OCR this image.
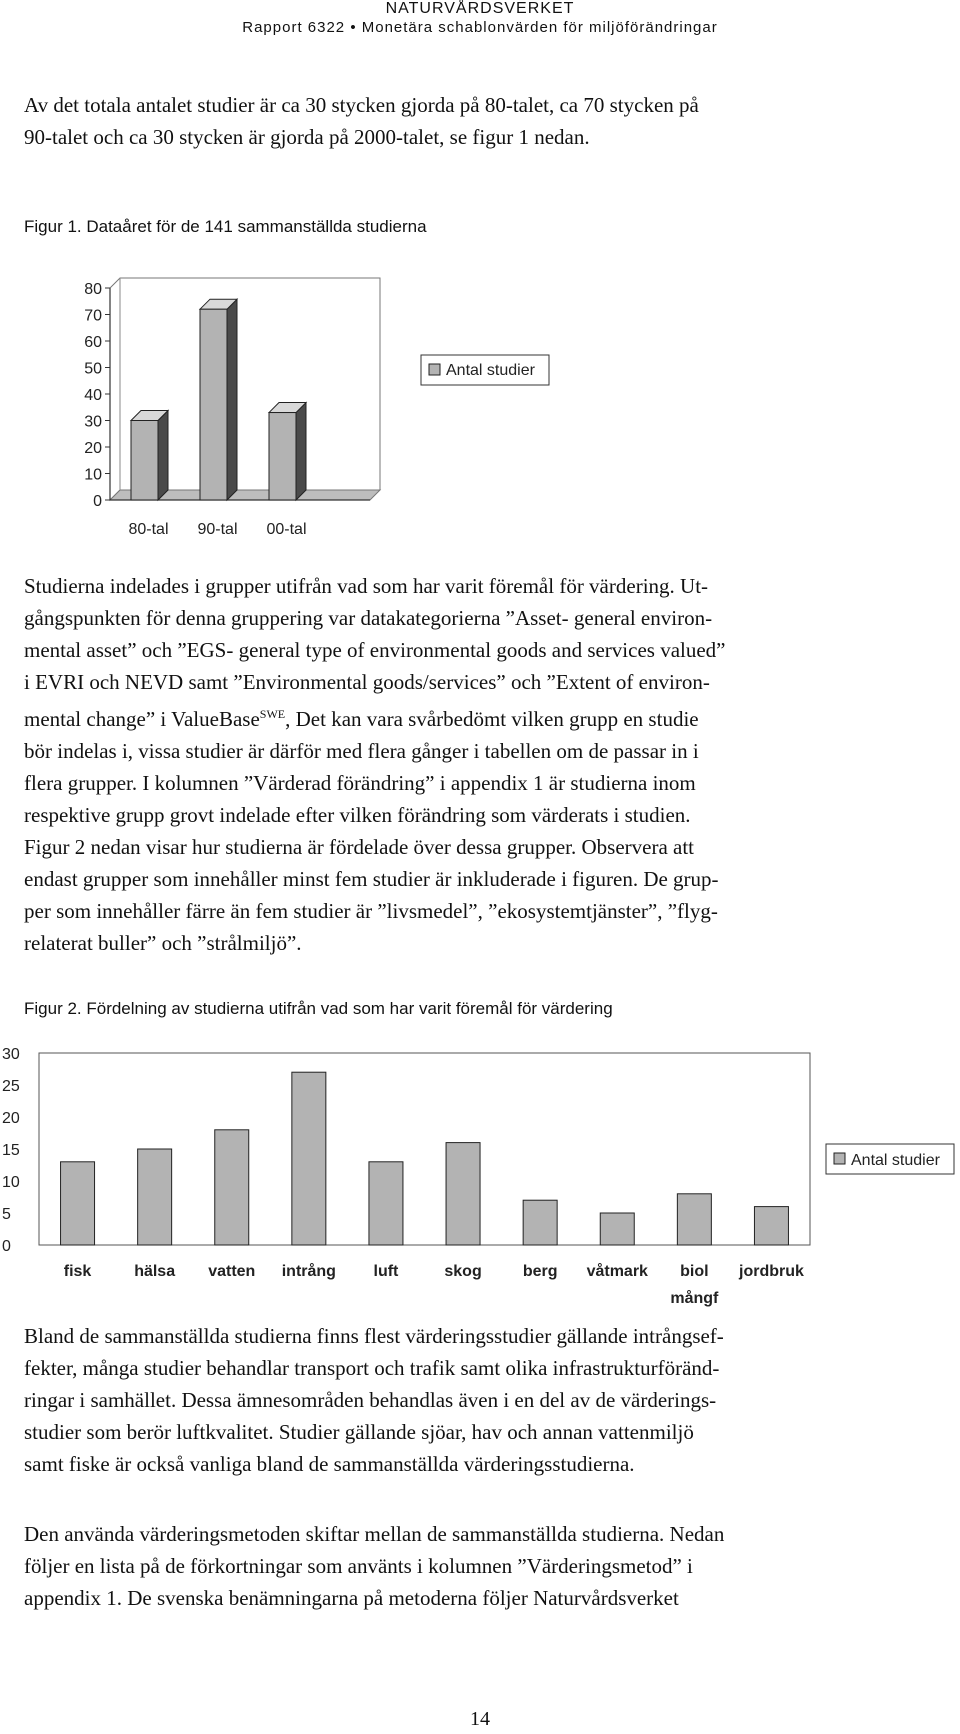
NATURVÅRDSVERKET
Rapport 6322 • Monetära schablonvärden för miljöförändringar
Av det totala antalet studier är ca 30 stycken gjorda på 80-talet, ca 70 stycken på
90-talet och ca 30 stycken är gjorda på 2000-talet, se figur 1 nedan.
Figur 1. Dataåret för de 141 sammanställda studierna
0
10
20
30
40
50
60
70
80
80-tal 90-tal 00-tal
Antal studier
Studierna indelades i grupper utifrån vad som har varit föremål för värdering. Ut-
gångspunkten för denna gruppering var datakategorierna ”Asset- general environ-
mental asset” och ”EGS- general type of environmental goods and services valued”
i EVRI och NEVD samt ”Environmental goods/services” och ”Extent of environ-
mental change” i ValueBase$^{SWE}$, Det kan vara svårbedömt vilken grupp en studie
bör indelas i, vissa studier är därför med flera gånger i tabellen om de passar in i
flera grupper. I kolumnen ”Värderad förändring” i appendix 1 är studierna inom
respektive grupp grovt indelade efter vilken förändring som värderats i studien.
Figur 2 nedan visar hur studierna är fördelade över dessa grupper. Observera att
endast grupper som innehåller minst fem studier är inkluderade i figuren. De grup-
per som innehåller färre än fem studier är ”livsmedel”, ”ekosystemtjänster”, ”flyg-
relaterat buller” och ”strålmiljö”.
Figur 2. Fördelning av studierna utifrån vad som har varit föremål för värdering
0
5
10
15
20
25
30
fisk	hälsa vatten intrång luft	skog	berg våtmark	biol mångf
jordbruk
Antal studier
Bland de sammanställda studierna finns flest värderingsstudier gällande intrångsef-
fekter, många studier behandlar transport och trafik samt olika infrastrukturföränd-
ringar i samhället. Dessa ämnesområden behandlas även i en del av de värderings-
studier som berör luftkvalitet. Studier gällande sjöar, hav och annan vattenmiljö
samt fiske är också vanliga bland de sammanställda värderingsstudierna.
Den använda värderingsmetoden skiftar mellan de sammanställda studierna. Nedan
följer en lista på de förkortningar som använts i kolumnen ”Värderingsmetod” i
appendix 1. De svenska benämningarna på metoderna följer Naturvårdsverket
14
